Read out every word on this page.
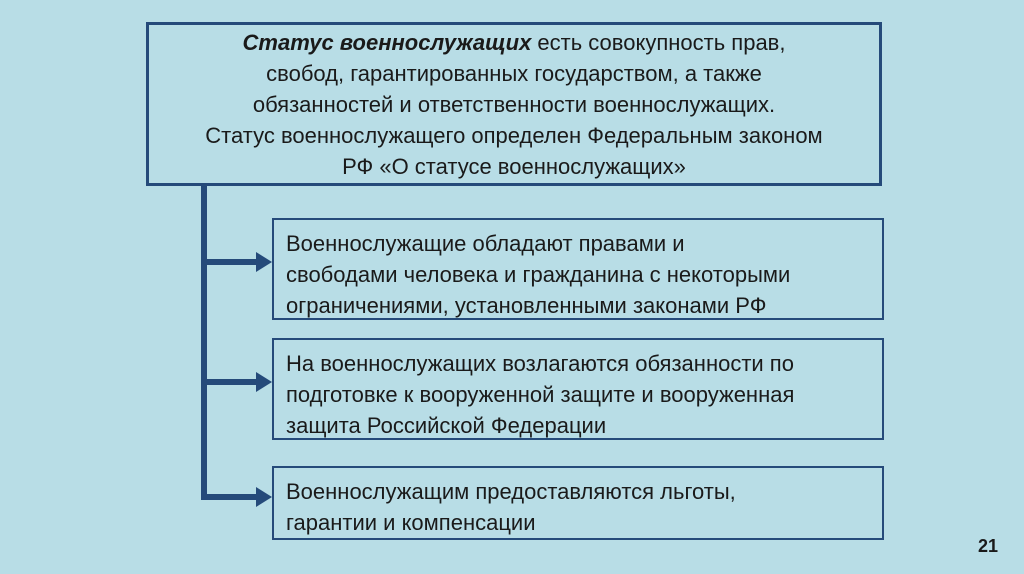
Статус военнослужащих есть совокупность прав,
свобод, гарантированных государством, а также
обязанностей и ответственности военнослужащих.
Статус военнослужащего определен Федеральным законом
РФ «О статусе военнослужащих»
Военнослужащие обладают правами и
свободами человека и гражданина с некоторыми
ограничениями, установленными законами РФ
На военнослужащих возлагаются обязанности по
подготовке к вооруженной защите и вооруженная
защита Российской Федерации
Военнослужащим предоставляются льготы,
гарантии и компенсации
21
